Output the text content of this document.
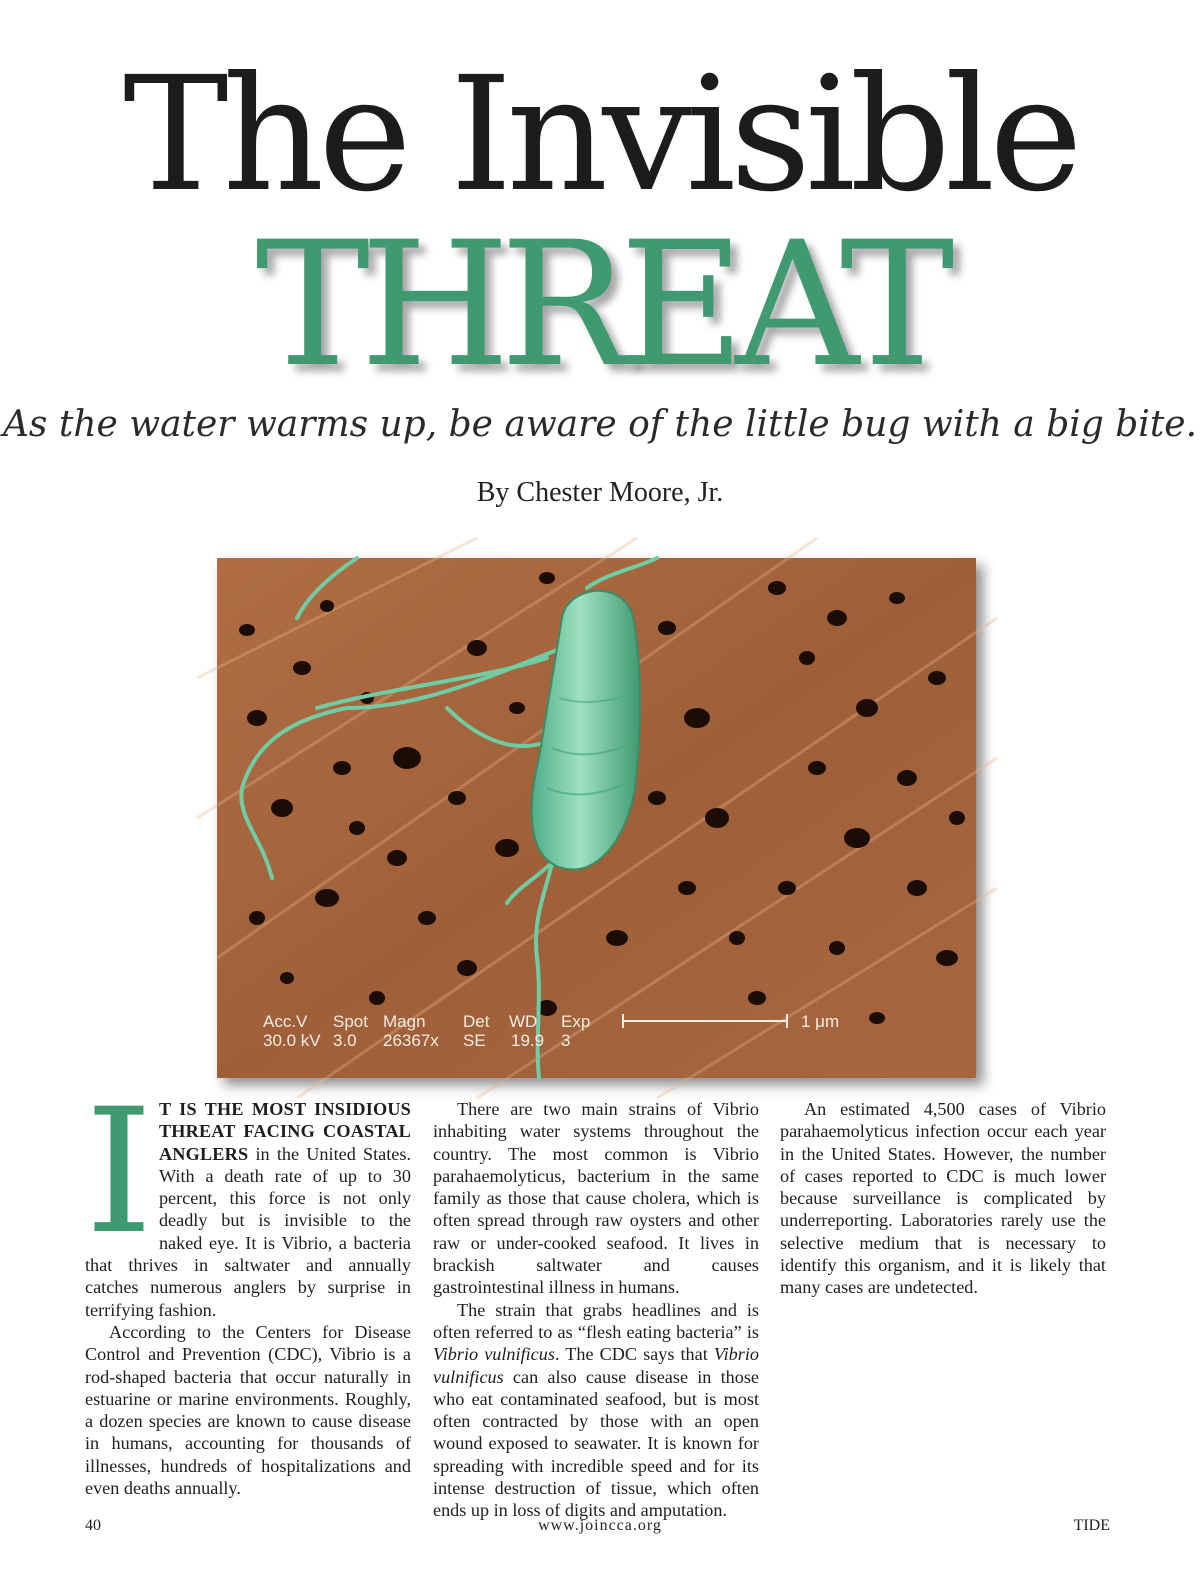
The Invisible
THREAT
As the water warms up, be aware of the little bug with a big bite.
By Chester Moore, Jr.
Acc.V Spot Magn Det WD Exp
30.0 kV 3.0 26367x SE 19.9 3
1 μm

IT IS THE MOST INSIDIOUS THREAT FACING COASTAL ANGLERS in the United States. With a death rate of up to 30 percent, this force is not only deadly but is invisible to the naked eye. It is Vibrio, a bacteria that thrives in saltwater and annually catches numerous anglers by surprise in terrifying fashion.

According to the Centers for Disease Control and Prevention (CDC), Vibrio is a rod-shaped bacteria that occur naturally in estuarine or marine environments. Roughly, a dozen species are known to cause disease in humans, accounting for thousands of illnesses, hundreds of hospitalizations and even deaths annually.

There are two main strains of Vibrio inhabiting water systems throughout the country. The most common is Vibrio parahaemolyticus, bacterium in the same family as those that cause cholera, which is often spread through raw oysters and other raw or under-cooked seafood. It lives in brackish saltwater and causes gastrointestinal illness in humans.

The strain that grabs headlines and is often referred to as “flesh eating bacteria” is Vibrio vulnificus. The CDC says that Vibrio vulnificus can also cause disease in those who eat contaminated seafood, but is most often contracted by those with an open wound exposed to seawater. It is known for spreading with incredible speed and for its intense destruction of tissue, which often ends up in loss of digits and amputation.

An estimated 4,500 cases of Vibrio parahaemolyticus infection occur each year in the United States. However, the number of cases reported to CDC is much lower because surveillance is complicated by underreporting. Laboratories rarely use the selective medium that is necessary to identify this organism, and it is likely that many cases are undetected.

40	www.joincca.org	TIDE
